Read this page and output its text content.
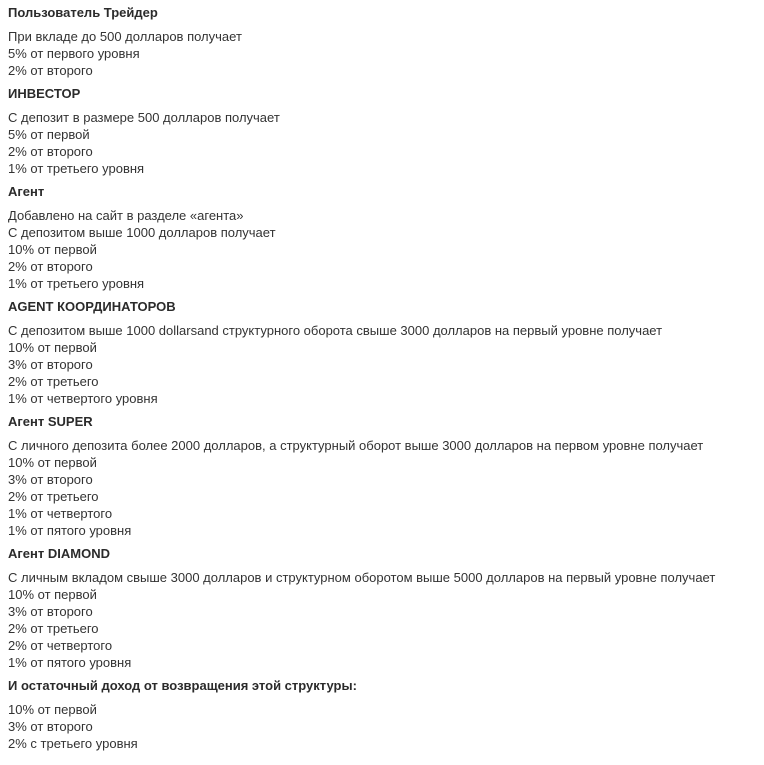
Пользователь Трейдер
При вкладе до 500 долларов получает
5% от первого уровня
2% от второго
ИНВЕСТОР
С депозит в размере 500 долларов получает
5% от первой
2% от второго
1% от третьего уровня
Агент
Добавлено на сайт в разделе «агента»
С депозитом выше 1000 долларов получает
10% от первой
2% от второго
1% от третьего уровня
AGENT КООРДИНАТОРОВ
С депозитом выше 1000 dollarsand структурного оборота свыше 3000 долларов на первый уровне получает
10% от первой
3% от второго
2% от третьего
1% от четвертого уровня
Агент SUPER
С личного депозита более 2000 долларов, а структурный оборот выше 3000 долларов на первом уровне получает
10% от первой
3% от второго
2% от третьего
1% от четвертого
1% от пятого уровня
Агент DIAMOND
С личным вкладом свыше 3000 долларов и структурном оборотом выше 5000 долларов на первый уровне получает
10% от первой
3% от второго
2% от третьего
2% от четвертого
1% от пятого уровня
И остаточный доход от возвращения этой структуры:
10% от первой
3% от второго
2% с третьего уровня
